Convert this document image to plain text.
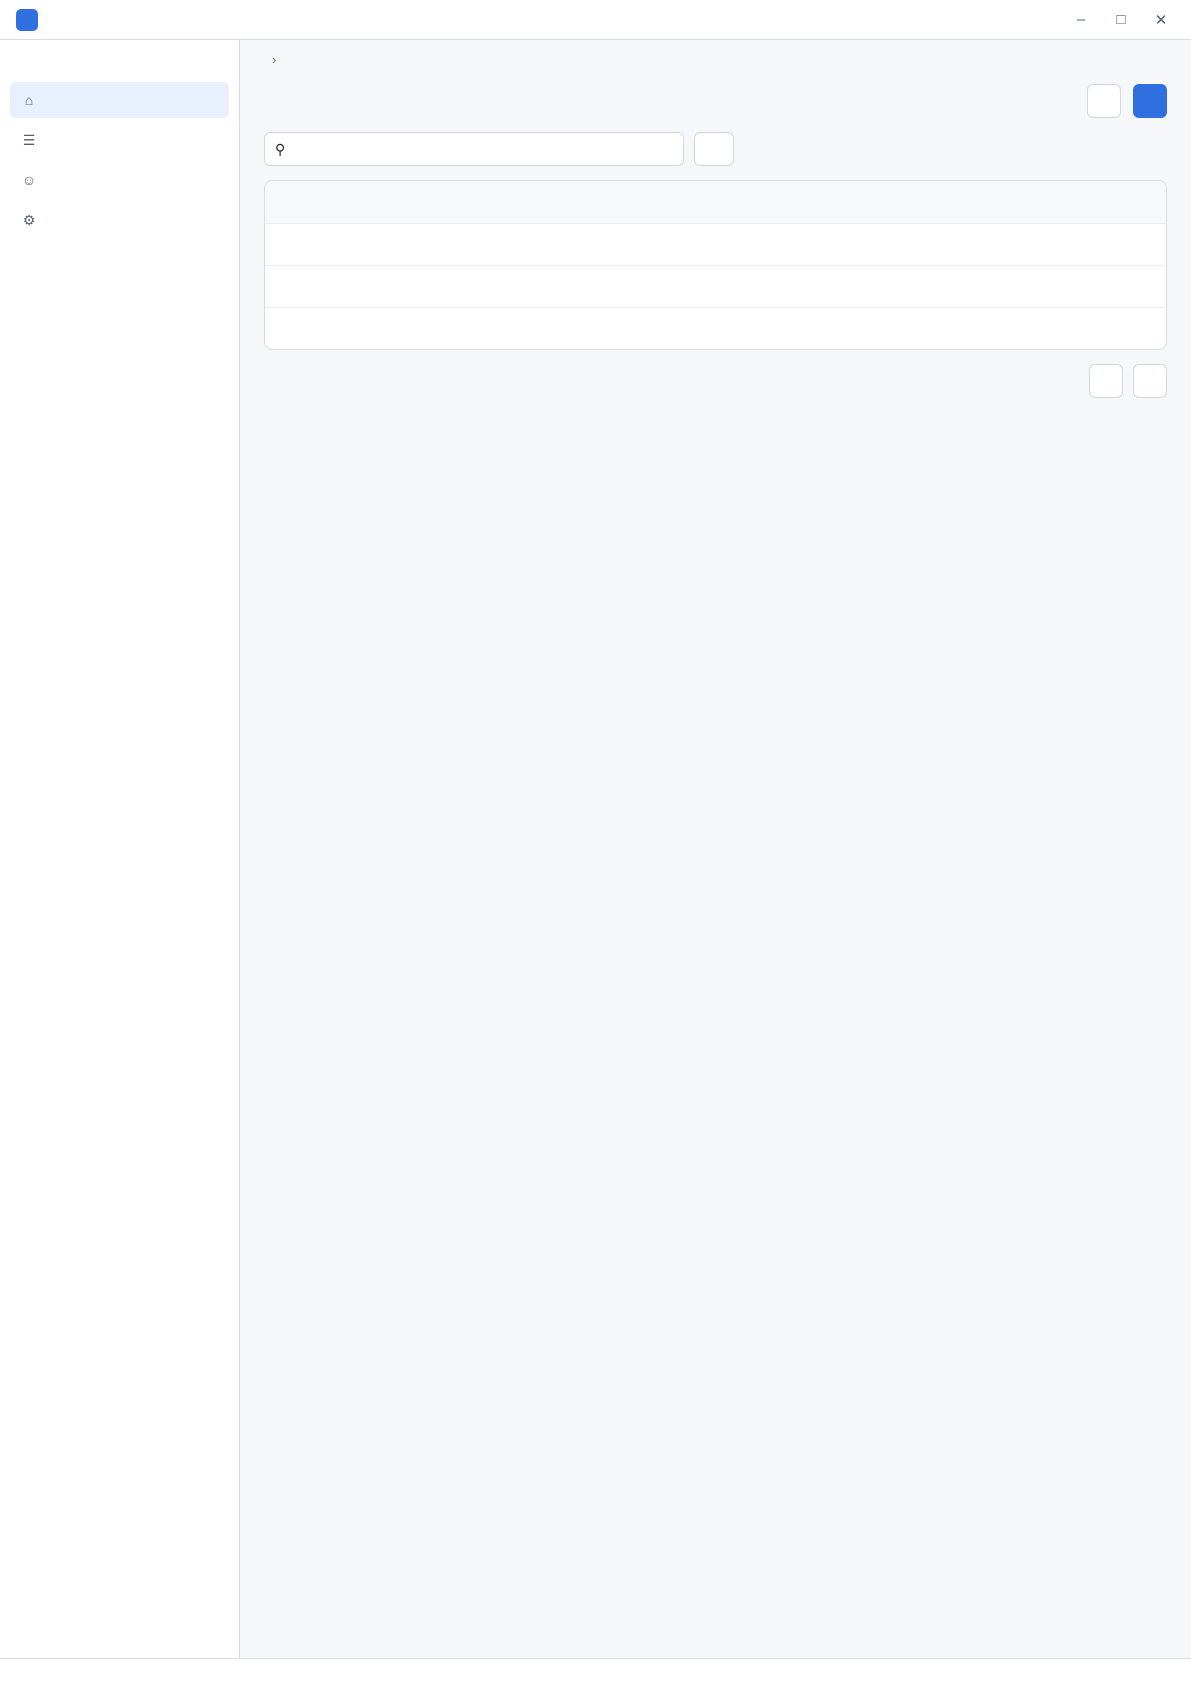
–	□	✕
⌂
☰
☺
⚙
›
⚲
